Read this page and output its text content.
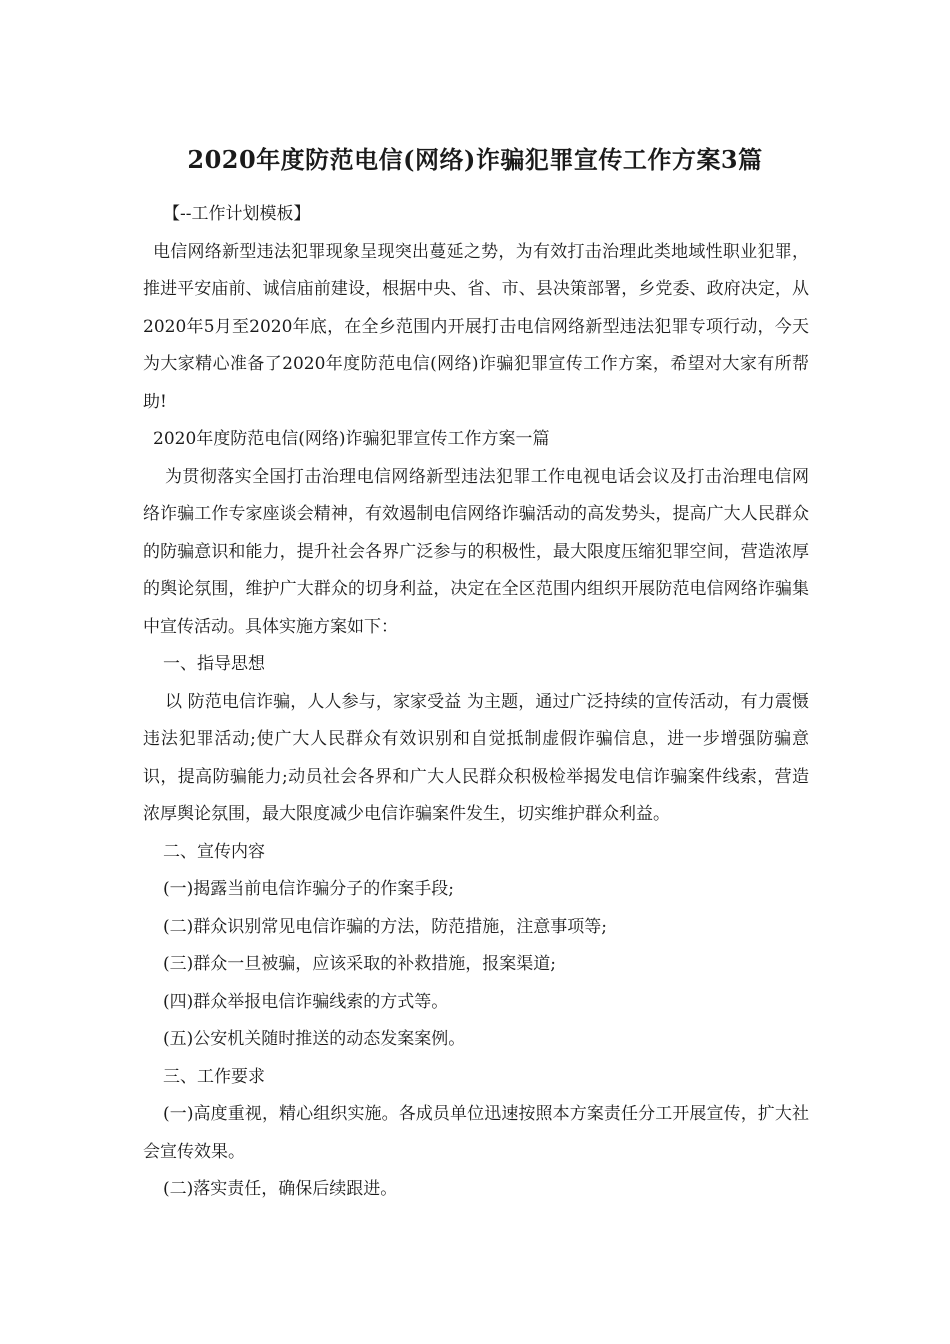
2020年度防范电信(网络)诈骗犯罪宣传工作方案3篇

【--工作计划模板】

电信网络新型违法犯罪现象呈现突出蔓延之势，为有效打击治理此类地域性职业犯罪，推进平安庙前、诚信庙前建设，根据中央、省、市、县决策部署，乡党委、政府决定，从2020年5月至2020年底，在全乡范围内开展打击电信网络新型违法犯罪专项行动，今天为大家精心准备了2020年度防范电信(网络)诈骗犯罪宣传工作方案，希望对大家有所帮助!

2020年度防范电信(网络)诈骗犯罪宣传工作方案一篇

为贯彻落实全国打击治理电信网络新型违法犯罪工作电视电话会议及打击治理电信网络诈骗工作专家座谈会精神，有效遏制电信网络诈骗活动的高发势头，提高广大人民群众的防骗意识和能力，提升社会各界广泛参与的积极性，最大限度压缩犯罪空间，营造浓厚的舆论氛围，维护广大群众的切身利益，决定在全区范围内组织开展防范电信网络诈骗集中宣传活动。具体实施方案如下：

一、指导思想

以 防范电信诈骗，人人参与，家家受益 为主题，通过广泛持续的宣传活动，有力震慑违法犯罪活动;使广大人民群众有效识别和自觉抵制虚假诈骗信息，进一步增强防骗意识，提高防骗能力;动员社会各界和广大人民群众积极检举揭发电信诈骗案件线索，营造浓厚舆论氛围，最大限度减少电信诈骗案件发生，切实维护群众利益。

二、宣传内容

(一)揭露当前电信诈骗分子的作案手段;

(二)群众识别常见电信诈骗的方法，防范措施，注意事项等;

(三)群众一旦被骗，应该采取的补救措施，报案渠道;

(四)群众举报电信诈骗线索的方式等。

(五)公安机关随时推送的动态发案案例。

三、工作要求

(一)高度重视，精心组织实施。各成员单位迅速按照本方案责任分工开展宣传，扩大社会宣传效果。

(二)落实责任，确保后续跟进。
